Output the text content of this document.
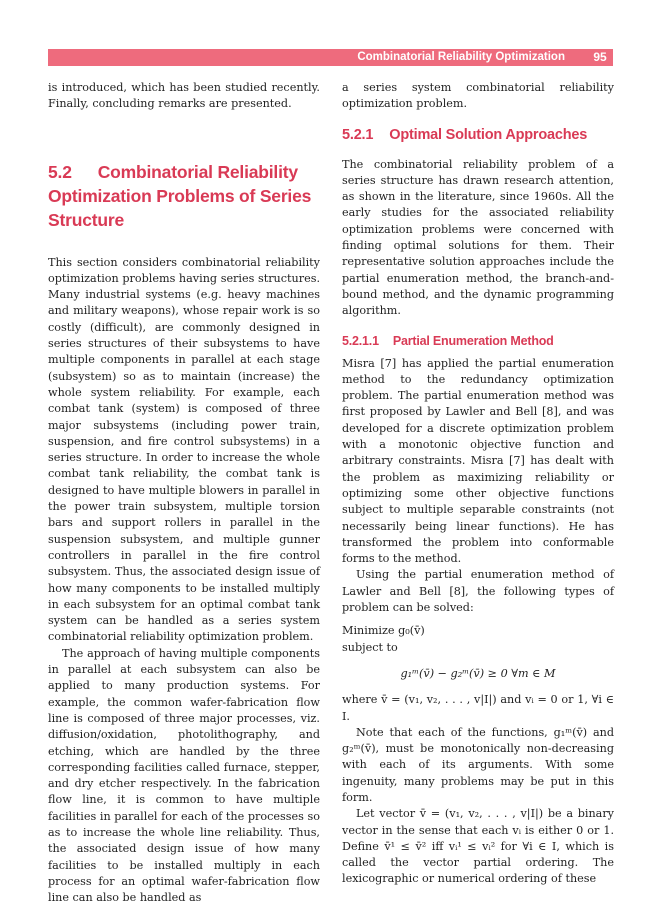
Combinatorial Reliability Optimization	95

is introduced, which has been studied recently. Finally, concluding remarks are presented.

5.2 Combinatorial Reliability Optimization Problems of Series Structure

This section considers combinatorial reliability optimization problems having series structures. Many industrial systems (e.g. heavy machines and military weapons), whose repair work is so costly (difficult), are commonly designed in series structures of their subsystems to have multiple components in parallel at each stage (subsystem) so as to maintain (increase) the whole system reliability. For example, each combat tank (system) is composed of three major subsystems (including power train, suspension, and fire control subsystems) in a series structure. In order to increase the whole combat tank reliability, the combat tank is designed to have multiple blowers in parallel in the power train subsystem, multiple torsion bars and support rollers in parallel in the suspension subsystem, and multiple gunner controllers in parallel in the fire control subsystem. Thus, the associated design issue of how many components to be installed multiply in each subsystem for an optimal combat tank system can be handled as a series system combinatorial reliability optimization problem.

The approach of having multiple components in parallel at each subsystem can also be applied to many production systems. For example, the common wafer-fabrication flow line is composed of three major processes, viz. diffusion/oxidation, photolithography, and etching, which are handled by the three corresponding facilities called furnace, stepper, and dry etcher respectively. In the fabrication flow line, it is common to have multiple facilities in parallel for each of the processes so as to increase the whole line reliability. Thus, the associated design issue of how many facilities to be installed multiply in each process for an optimal wafer-fabrication flow line can also be handled as

a series system combinatorial reliability optimization problem.

5.2.1 Optimal Solution Approaches

The combinatorial reliability problem of a series structure has drawn research attention, as shown in the literature, since 1960s. All the early studies for the associated reliability optimization problems were concerned with finding optimal solutions for them. Their representative solution approaches include the partial enumeration method, the branch-and-bound method, and the dynamic programming algorithm.

5.2.1.1 Partial Enumeration Method

Misra [7] has applied the partial enumeration method to the redundancy optimization problem. The partial enumeration method was first proposed by Lawler and Bell [8], and was developed for a discrete optimization problem with a monotonic objective function and arbitrary constraints. Misra [7] has dealt with the problem as maximizing reliability or optimizing some other objective functions subject to multiple separable constraints (not necessarily being linear functions). He has transformed the problem into conformable forms to the method.

Using the partial enumeration method of Lawler and Bell [8], the following types of problem can be solved:

Minimize g₀(v̄)

subject to

g₁ᵐ(v̄) − g₂ᵐ(v̄) ≥ 0 ∀m ∈ M

where v̄ = (v₁, v₂, . . . , v|I|) and vᵢ = 0 or 1, ∀i ∈ I.

Note that each of the functions, g₁ᵐ(v̄) and g₂ᵐ(v̄), must be monotonically non-decreasing with each of its arguments. With some ingenuity, many problems may be put in this form.

Let vector v̄ = (v₁, v₂, . . . , v|I|) be a binary vector in the sense that each vᵢ is either 0 or 1. Define v̄¹ ≤ v̄² iff vᵢ¹ ≤ vᵢ² for ∀i ∈ I, which is called the vector partial ordering. The lexicographic or numerical ordering of these
